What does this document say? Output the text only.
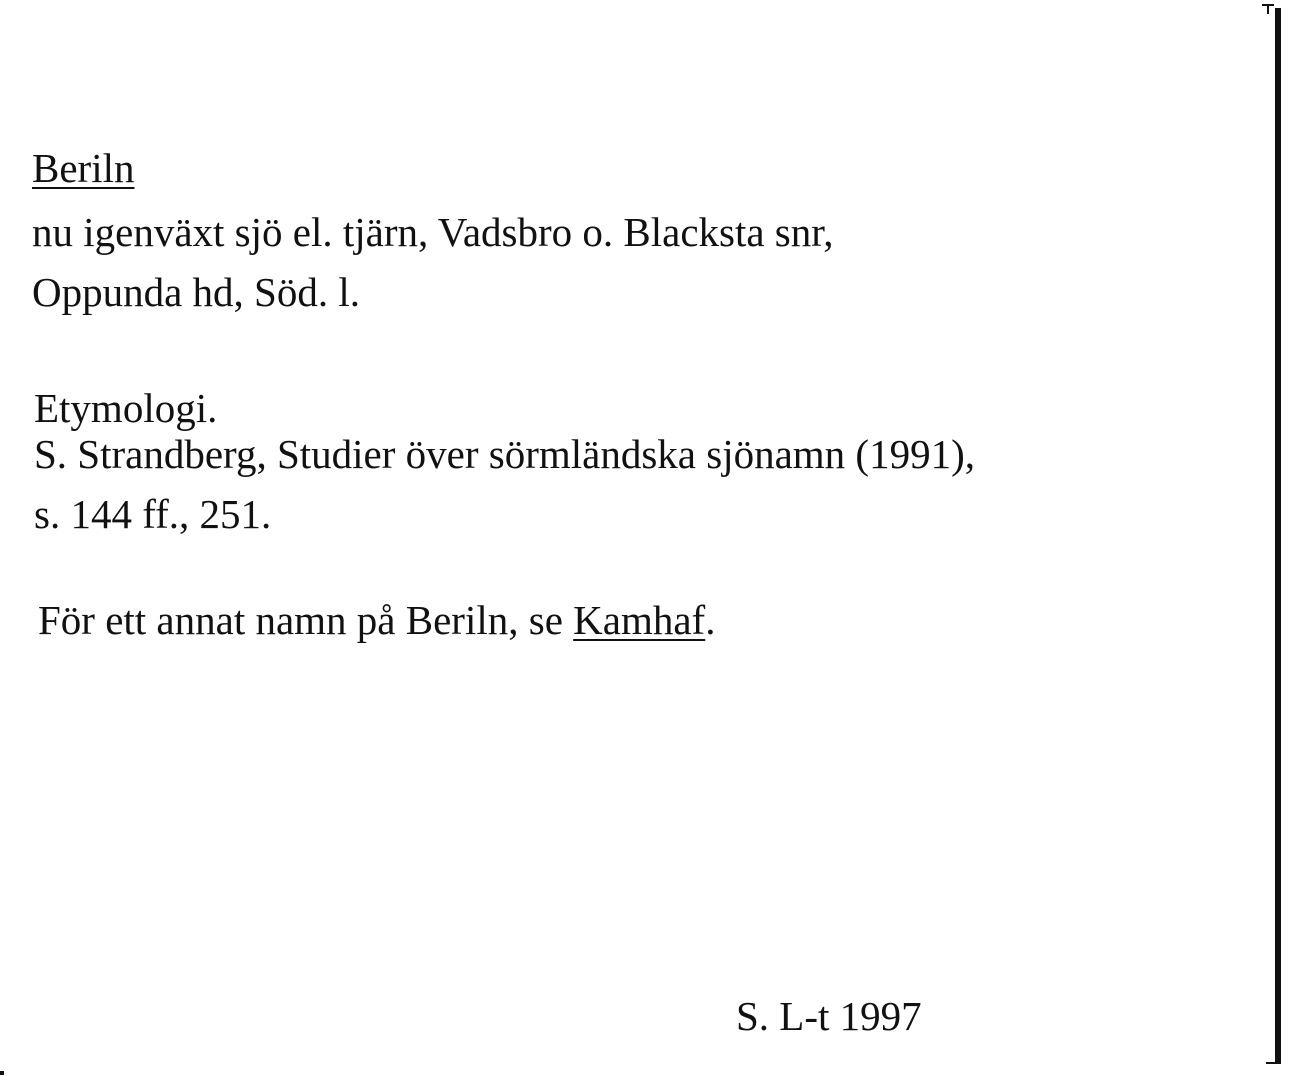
Beriln
nu igenväxt sjö el. tjärn, Vadsbro o. Blacksta snr,
Oppunda hd, Söd. l.
Etymologi.
S. Strandberg, Studier över sörmländska sjönamn (1991),
s. 144 ff., 251.
För ett annat namn på Beriln, se Kamhaf.
S. L-t 1997
